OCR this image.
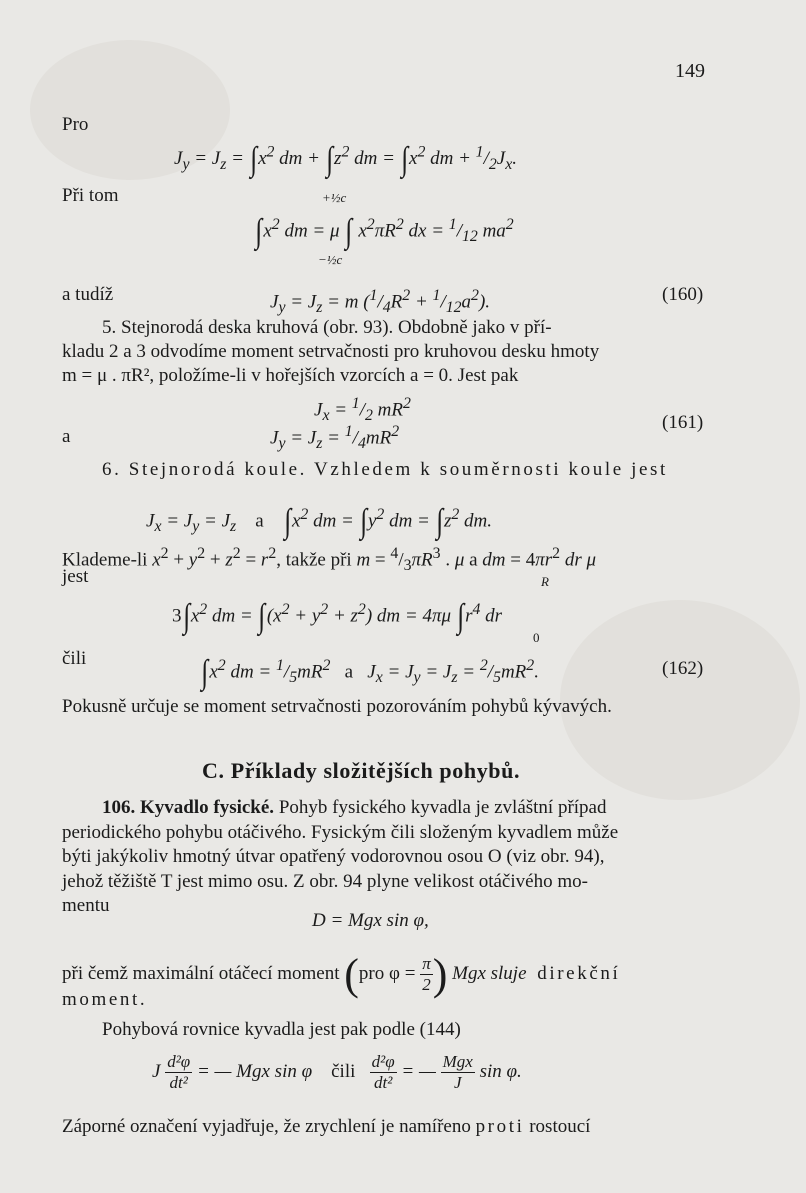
149
Pro
$J_y = J_z = \int x^2$ dm + $\int z^2$ dm = $\int x^2$ dm + $^1/_2J_x$.
Při tom
$\int x^2$ dm = μ ∫ $x^2\pi R^2$ dx = $^1/_{12}$ $ma^2$
+½c
−½c
a tudíž	$J_y = J_z = m$ $(^1/_4R^2 + ^1/_{12}a^2)$.	(160)
5. Stejnorodá deska kruhová (obr. 93). Obdobně jako v pří-
kladu 2 a 3 odvodíme moment setrvačnosti pro kruhovou desku hmoty
m = μ . πR², položíme-li v hořejších vzorcích a = 0. Jest pak
$J_x = ^1/_2$ $mR^2$
a	$J_y = J_z = ^1/_4mR^2$	(161)
6. Stejnorodá koule. Vzhledem k souměrnosti koule jest
$J_x = J_y = J_z$ a $\int x^2$ dm = $\int y^2$ dm = $\int z^2$ dm.
Klademe-li $x^2 + y^2 + z^2 = r^2$, takže při $m = ^4/_3\pi R^3$ . μ a dm = $4\pi r^2$ dr μ
jest	R
$3\int x^2$ dm = $\int(x^2 + y^2 + z^2)$ dm = 4πμ $\int r^4$ dr
0
čili	$\int x^2$ dm = $^1/_5mR^2$ a   $J_x = J_y = J_z = ^2/_5mR^2$.	(162)
Pokusně určuje se moment setrvačnosti pozorováním pohybů kývavých.
C. Příklady složitějších pohybů.
106. Kyvadlo fysické. Pohyb fysického kyvadla je zvláštní případ
periodického pohybu otáčivého. Fysickým čili složeným kyvadlem může
býti jakýkoliv hmotný útvar opatřený vodorovnou osou O (viz obr. 94),
jehož těžiště T jest mimo osu. Z obr. 94 plyne velikost otáčivého mo-
mentu
D = Mgx sin φ,
při čemž maximální otáčecí moment (pro $\varphi = \frac{\pi}{2}$ ) Mgx sluje direkční
moment.
Pohybová rovnice kyvadla jest pak podle (144)
J $\frac{\text{d²φ}}{\text{dt²}}$ = — Mgx sin φ čili $\frac{\text{d²φ}}{\text{dt²}}$ = — $\frac{\text{Mgx}}{J}$ sin φ.
Záporné označení vyjadřuje, že zrychlení je namířeno proti rostoucí
